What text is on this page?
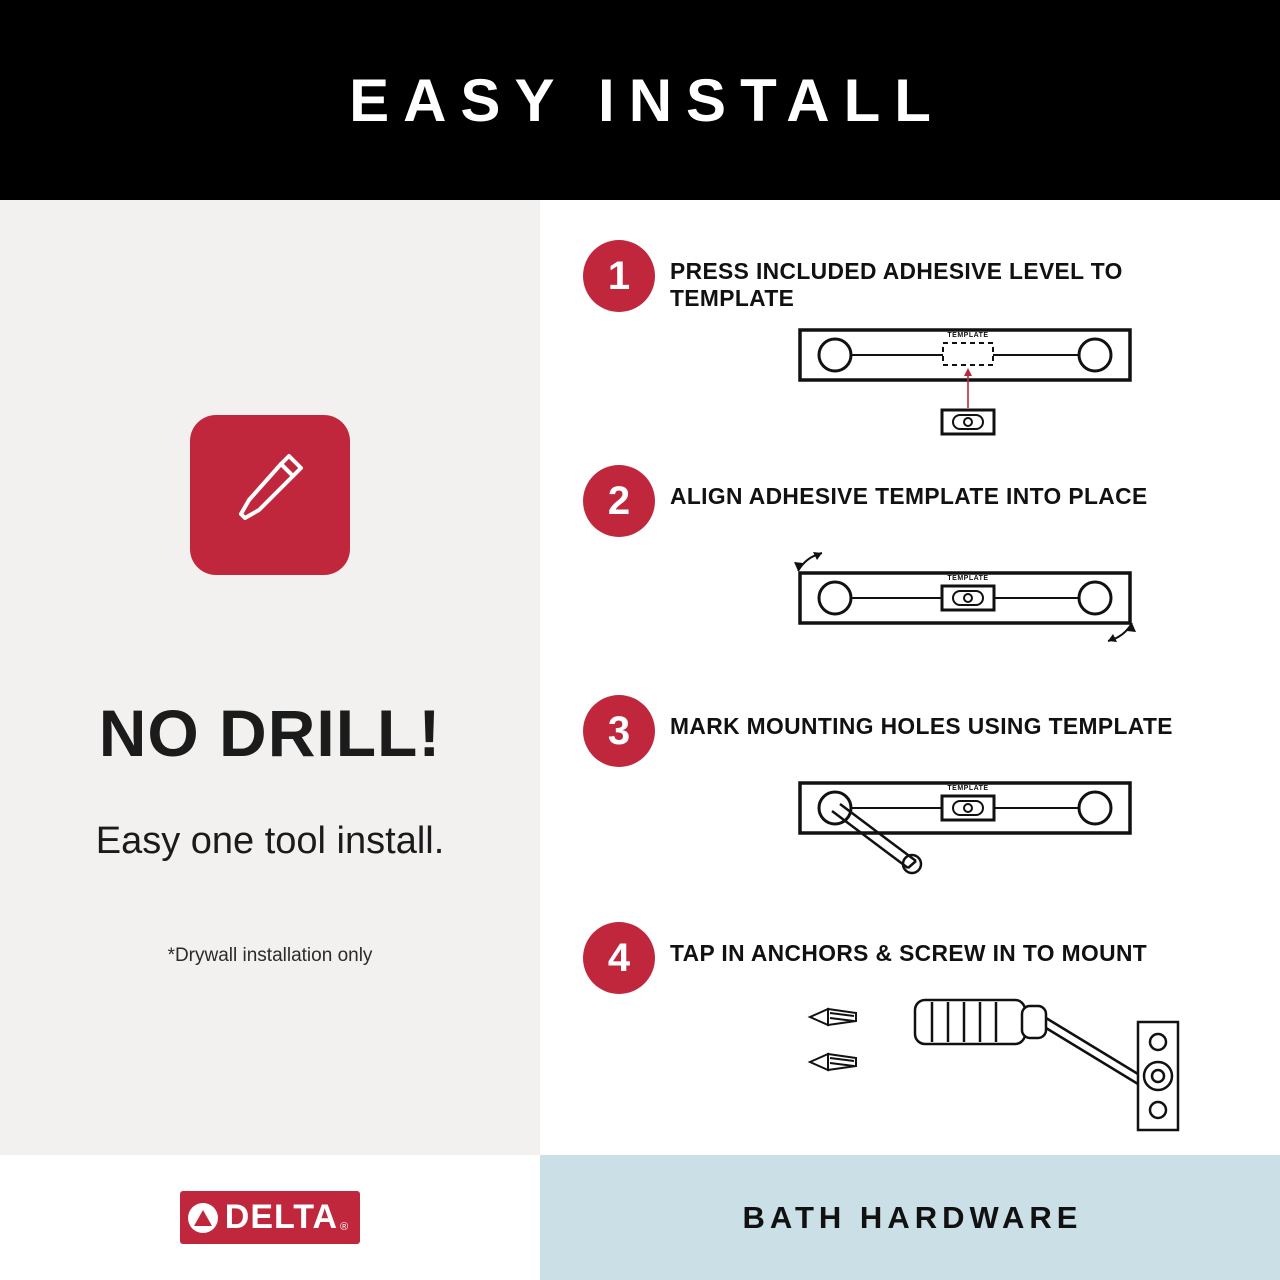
EASY INSTALL
NO DRILL!
Easy one tool install.
*Drywall installation only
1	PRESS INCLUDED ADHESIVE LEVEL TO TEMPLATE
TEMPLATE
2	ALIGN ADHESIVE TEMPLATE INTO PLACE
TEMPLATE
3	MARK MOUNTING HOLES USING TEMPLATE
TEMPLATE
4	TAP IN ANCHORS & SCREW IN TO MOUNT
DELTA ®	BATH HARDWARE
